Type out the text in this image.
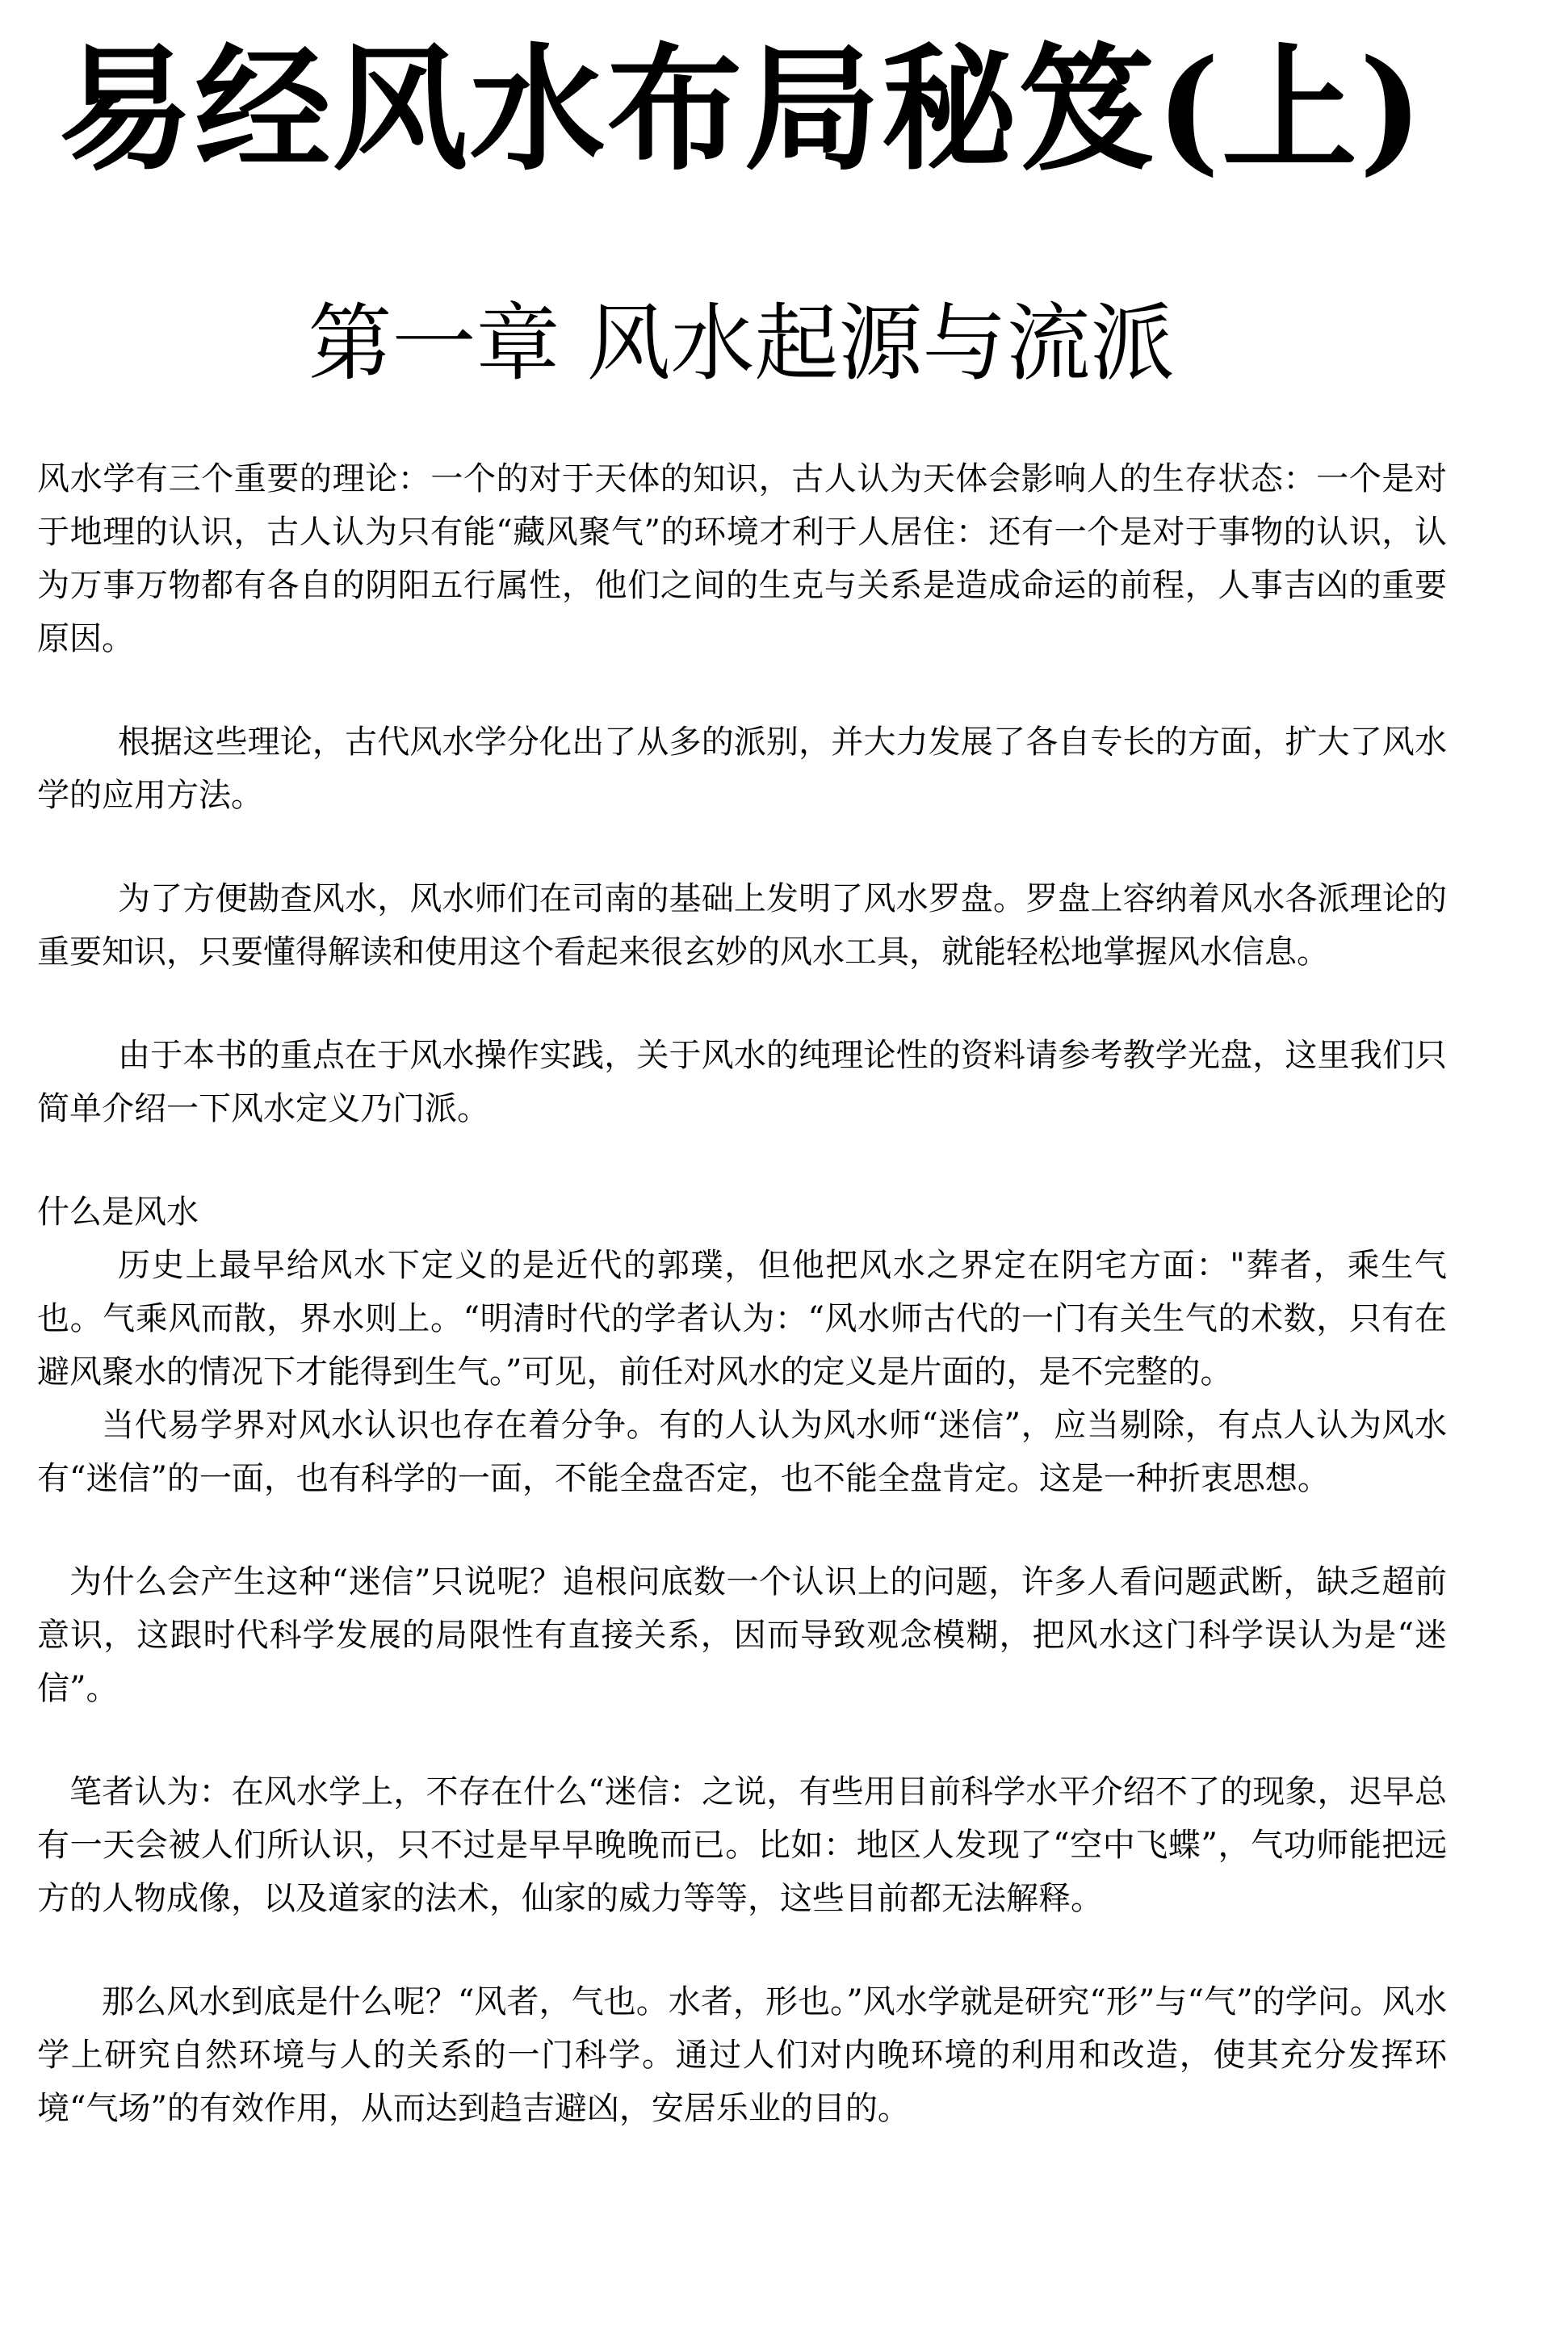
易经风水布局秘笈(上)
第一章 风水起源与流派

风水学有三个重要的理论：一个的对于天体的知识，古人认为天体会影响人的生存状态：一个是对于地理的认识，古人认为只有能“藏风聚气”的环境才利于人居住：还有一个是对于事物的认识，认为万事万物都有各自的阴阳五行属性，他们之间的生克与关系是造成命运的前程，人事吉凶的重要原因。

根据这些理论，古代风水学分化出了从多的派别，并大力发展了各自专长的方面，扩大了风水学的应用方法。

为了方便勘查风水，风水师们在司南的基础上发明了风水罗盘。罗盘上容纳着风水各派理论的重要知识，只要懂得解读和使用这个看起来很玄妙的风水工具，就能轻松地掌握风水信息。

由于本书的重点在于风水操作实践，关于风水的纯理论性的资料请参考教学光盘，这里我们只简单介绍一下风水定义乃门派。

什么是风水

历史上最早给风水下定义的是近代的郭璞，但他把风水之界定在阴宅方面："葬者，乘生气也。气乘风而散，界水则上。“明清时代的学者认为：“风水师古代的一门有关生气的术数，只有在避风聚水的情况下才能得到生气。”可见，前任对风水的定义是片面的，是不完整的。

当代易学界对风水认识也存在着分争。有的人认为风水师“迷信”，应当剔除，有点人认为风水有“迷信”的一面，也有科学的一面，不能全盘否定，也不能全盘肯定。这是一种折衷思想。

为什么会产生这种“迷信”只说呢？追根问底数一个认识上的问题，许多人看问题武断，缺乏超前意识，这跟时代科学发展的局限性有直接关系，因而导致观念模糊，把风水这门科学误认为是“迷信”。

笔者认为：在风水学上，不存在什么“迷信：之说，有些用目前科学水平介绍不了的现象，迟早总有一天会被人们所认识，只不过是早早晚晚而已。比如：地区人发现了“空中飞蝶”，气功师能把远方的人物成像，以及道家的法术，仙家的威力等等，这些目前都无法解释。

那么风水到底是什么呢？“风者，气也。水者，形也。”风水学就是研究“形”与“气”的学问。风水学上研究自然环境与人的关系的一门科学。通过人们对内晚环境的利用和改造，使其充分发挥环境“气场”的有效作用，从而达到趋吉避凶，安居乐业的目的。
